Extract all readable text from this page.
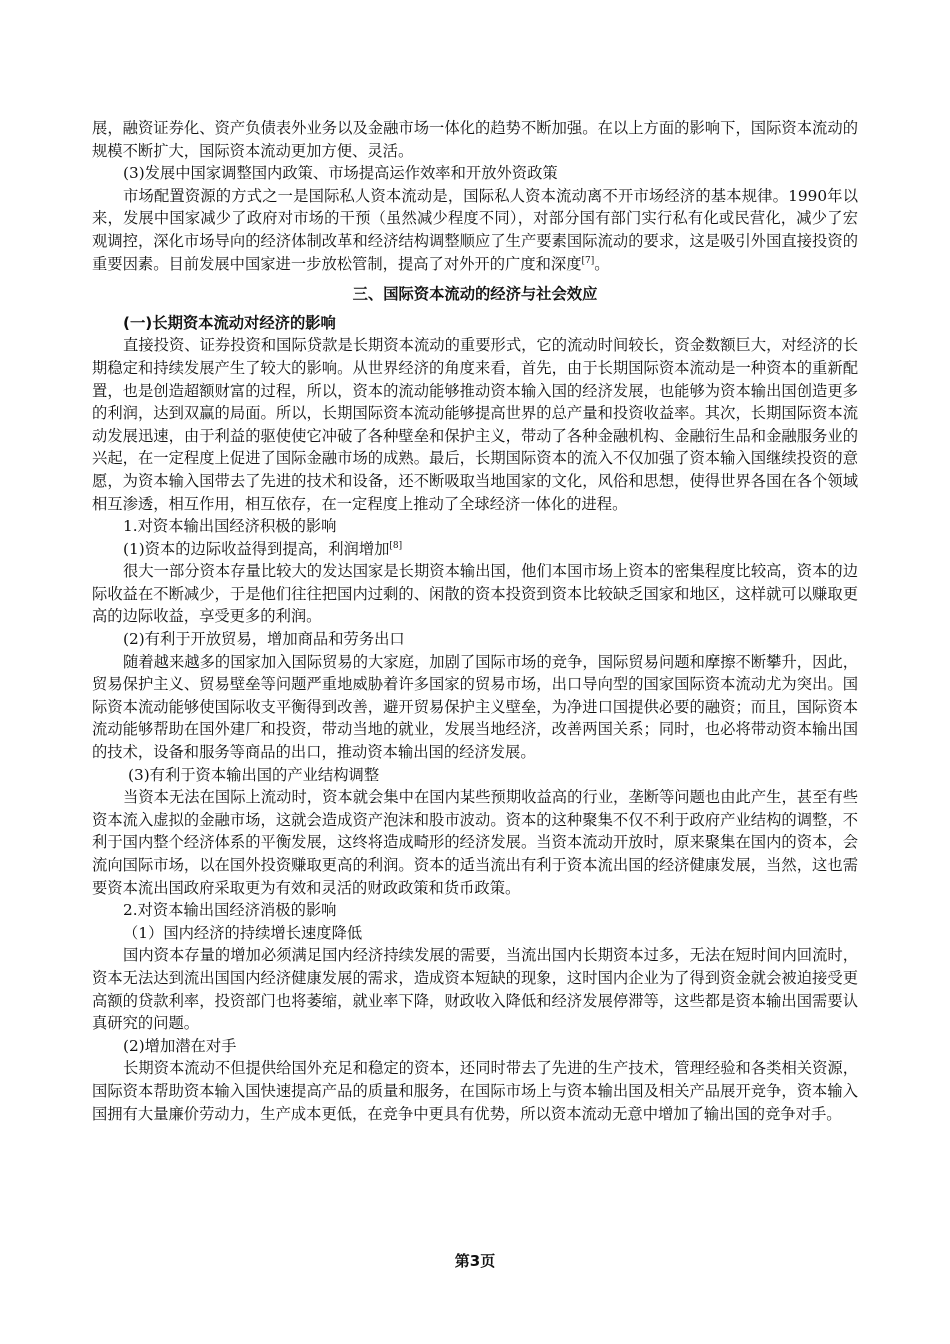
展，融资证券化、资产负债表外业务以及金融市场一体化的趋势不断加强。在以上方面的影响下，国际资本流动的规模不断扩大，国际资本流动更加方便、灵活。

(3)发展中国家调整国内政策、市场提高运作效率和开放外资政策

市场配置资源的方式之一是国际私人资本流动是，国际私人资本流动离不开市场经济的基本规律。1990年以来，发展中国家减少了政府对市场的干预（虽然减少程度不同），对部分国有部门实行私有化或民营化，减少了宏观调控，深化市场导向的经济体制改革和经济结构调整顺应了生产要素国际流动的要求，这是吸引外国直接投资的重要因素。目前发展中国家进一步放松管制，提高了对外开的广度和深度[7]。

三、国际资本流动的经济与社会效应
(一)长期资本流动对经济的影响

直接投资、证券投资和国际贷款是长期资本流动的重要形式，它的流动时间较长，资金数额巨大，对经济的长期稳定和持续发展产生了较大的影响。从世界经济的角度来看，首先，由于长期国际资本流动是一种资本的重新配置，也是创造超额财富的过程，所以，资本的流动能够推动资本输入国的经济发展，也能够为资本输出国创造更多的利润，达到双赢的局面。所以，长期国际资本流动能够提高世界的总产量和投资收益率。其次，长期国际资本流动发展迅速，由于利益的驱使使它冲破了各种壁垒和保护主义，带动了各种金融机构、金融衍生品和金融服务业的兴起，在一定程度上促进了国际金融市场的成熟。最后，长期国际资本的流入不仅加强了资本输入国继续投资的意愿，为资本输入国带去了先进的技术和设备，还不断吸取当地国家的文化，风俗和思想，使得世界各国在各个领域相互渗透，相互作用，相互依存，在一定程度上推动了全球经济一体化的进程。

1.对资本输出国经济积极的影响

(1)资本的边际收益得到提高，利润增加[8]

很大一部分资本存量比较大的发达国家是长期资本输出国，他们本国市场上资本的密集程度比较高，资本的边际收益在不断减少，于是他们往往把国内过剩的、闲散的资本投资到资本比较缺乏国家和地区，这样就可以赚取更高的边际收益，享受更多的利润。

(2)有利于开放贸易，增加商品和劳务出口

随着越来越多的国家加入国际贸易的大家庭，加剧了国际市场的竞争，国际贸易问题和摩擦不断攀升，因此，贸易保护主义、贸易壁垒等问题严重地威胁着许多国家的贸易市场，出口导向型的国家国际资本流动尤为突出。国际资本流动能够使国际收支平衡得到改善，避开贸易保护主义壁垒，为净进口国提供必要的融资；而且，国际资本流动能够帮助在国外建厂和投资，带动当地的就业，发展当地经济，改善两国关系；同时，也必将带动资本输出国的技术，设备和服务等商品的出口，推动资本输出国的经济发展。

(3)有利于资本输出国的产业结构调整

当资本无法在国际上流动时，资本就会集中在国内某些预期收益高的行业，垄断等问题也由此产生，甚至有些资本流入虚拟的金融市场，这就会造成资产泡沫和股市波动。资本的这种聚集不仅不利于政府产业结构的调整，不利于国内整个经济体系的平衡发展，这终将造成畸形的经济发展。当资本流动开放时，原来聚集在国内的资本，会流向国际市场，以在国外投资赚取更高的利润。资本的适当流出有利于资本流出国的经济健康发展，当然，这也需要资本流出国政府采取更为有效和灵活的财政政策和货币政策。

2.对资本输出国经济消极的影响

（1）国内经济的持续增长速度降低

国内资本存量的增加必须满足国内经济持续发展的需要，当流出国内长期资本过多，无法在短时间内回流时，资本无法达到流出国国内经济健康发展的需求，造成资本短缺的现象，这时国内企业为了得到资金就会被迫接受更高额的贷款利率，投资部门也将萎缩，就业率下降，财政收入降低和经济发展停滞等，这些都是资本输出国需要认真研究的问题。

(2)增加潜在对手

长期资本流动不但提供给国外充足和稳定的资本，还同时带去了先进的生产技术，管理经验和各类相关资源，国际资本帮助资本输入国快速提高产品的质量和服务，在国际市场上与资本输出国及相关产品展开竞争，资本输入国拥有大量廉价劳动力，生产成本更低，在竞争中更具有优势，所以资本流动无意中增加了输出国的竞争对手。

第3页
